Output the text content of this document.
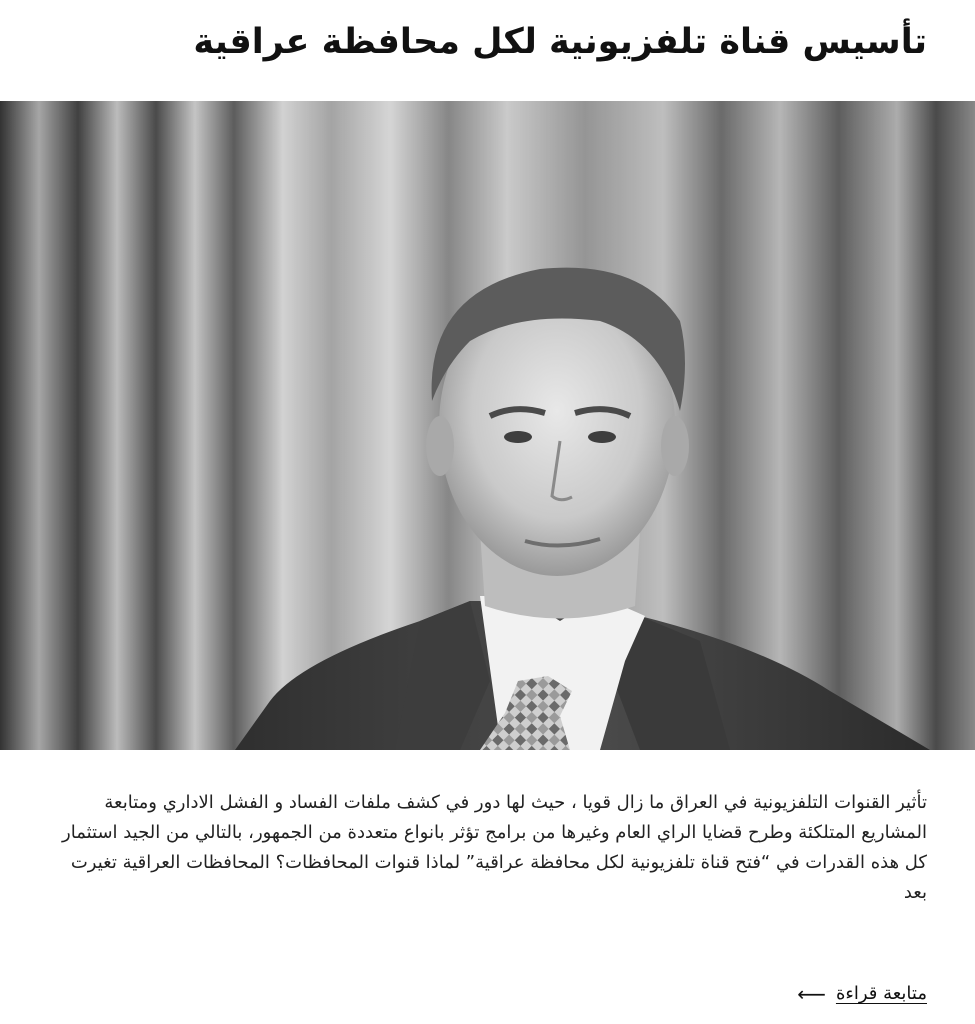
تأسيس قناة تلفزيونية لكل محافظة عراقية

تأثير القنوات التلفزيونية في العراق ما زال قويا ، حيث لها دور في كشف ملفات الفساد و الفشل الاداري ومتابعة المشاريع المتلكئة وطرح قضايا الراي العام وغيرها من برامج تؤثر بانواع متعددة من الجمهور، بالتالي من الجيد استثمار كل هذه القدرات في “فتح قناة تلفزيونية لكل محافظة عراقية” لماذا قنوات المحافظات؟ المحافظات العراقية تغيرت بعد

متابعة قراءة
⟵
